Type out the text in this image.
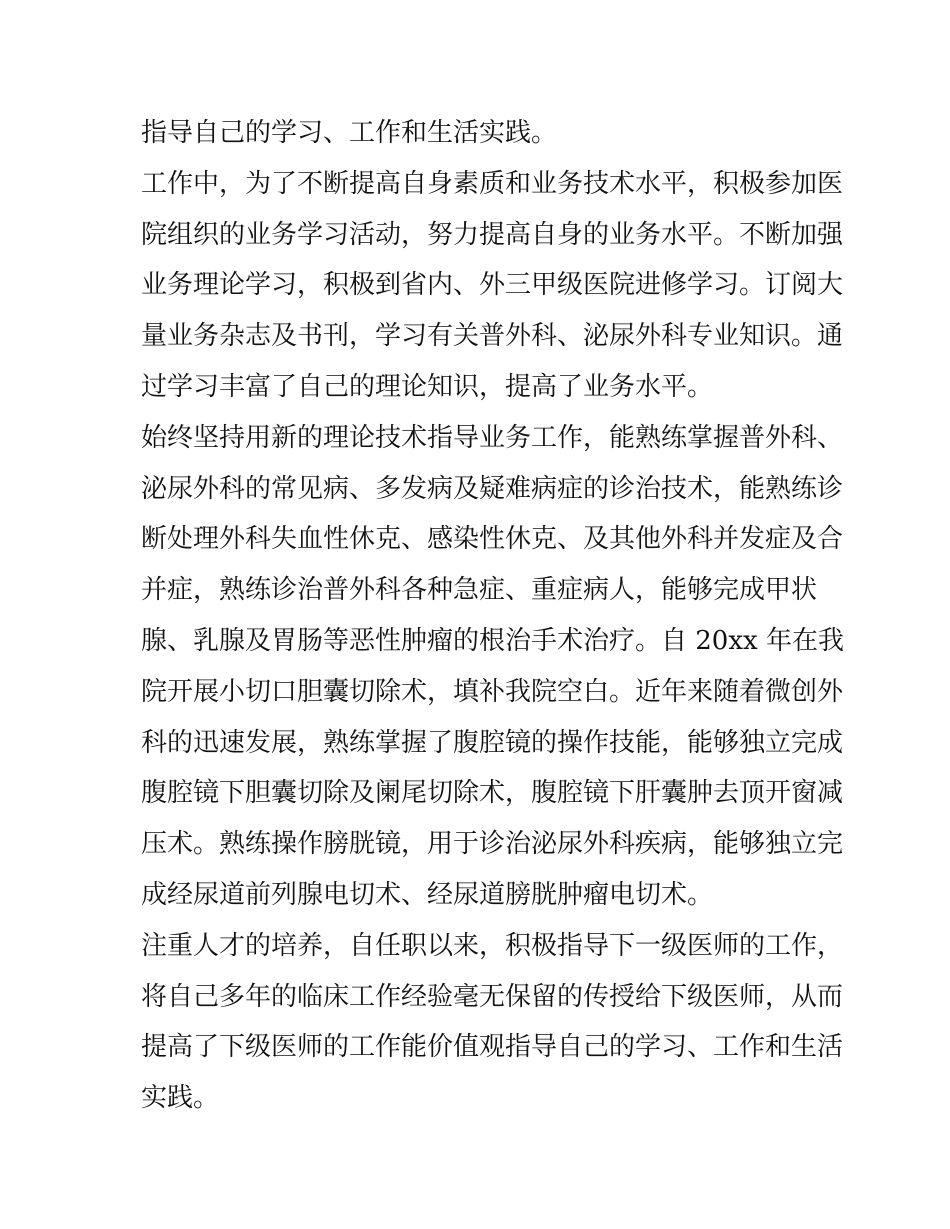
指导自己的学习、工作和生活实践。
工作中，为了不断提高自身素质和业务技术水平，积极参加医
院组织的业务学习活动，努力提高自身的业务水平。不断加强
业务理论学习，积极到省内、外三甲级医院进修学习。订阅大
量业务杂志及书刊，学习有关普外科、泌尿外科专业知识。通
过学习丰富了自己的理论知识，提高了业务水平。
始终坚持用新的理论技术指导业务工作，能熟练掌握普外科、
泌尿外科的常见病、多发病及疑难病症的诊治技术，能熟练诊
断处理外科失血性休克、感染性休克、及其他外科并发症及合
并症，熟练诊治普外科各种急症、重症病人，能够完成甲状
腺、乳腺及胃肠等恶性肿瘤的根治手术治疗。自 20xx 年在我
院开展小切口胆囊切除术，填补我院空白。近年来随着微创外
科的迅速发展，熟练掌握了腹腔镜的操作技能，能够独立完成
腹腔镜下胆囊切除及阑尾切除术，腹腔镜下肝囊肿去顶开窗减
压术。熟练操作膀胱镜，用于诊治泌尿外科疾病，能够独立完
成经尿道前列腺电切术、经尿道膀胱肿瘤电切术。
注重人才的培养，自任职以来，积极指导下一级医师的工作，
将自己多年的临床工作经验毫无保留的传授给下级医师，从而
提高了下级医师的工作能价值观指导自己的学习、工作和生活
实践。
